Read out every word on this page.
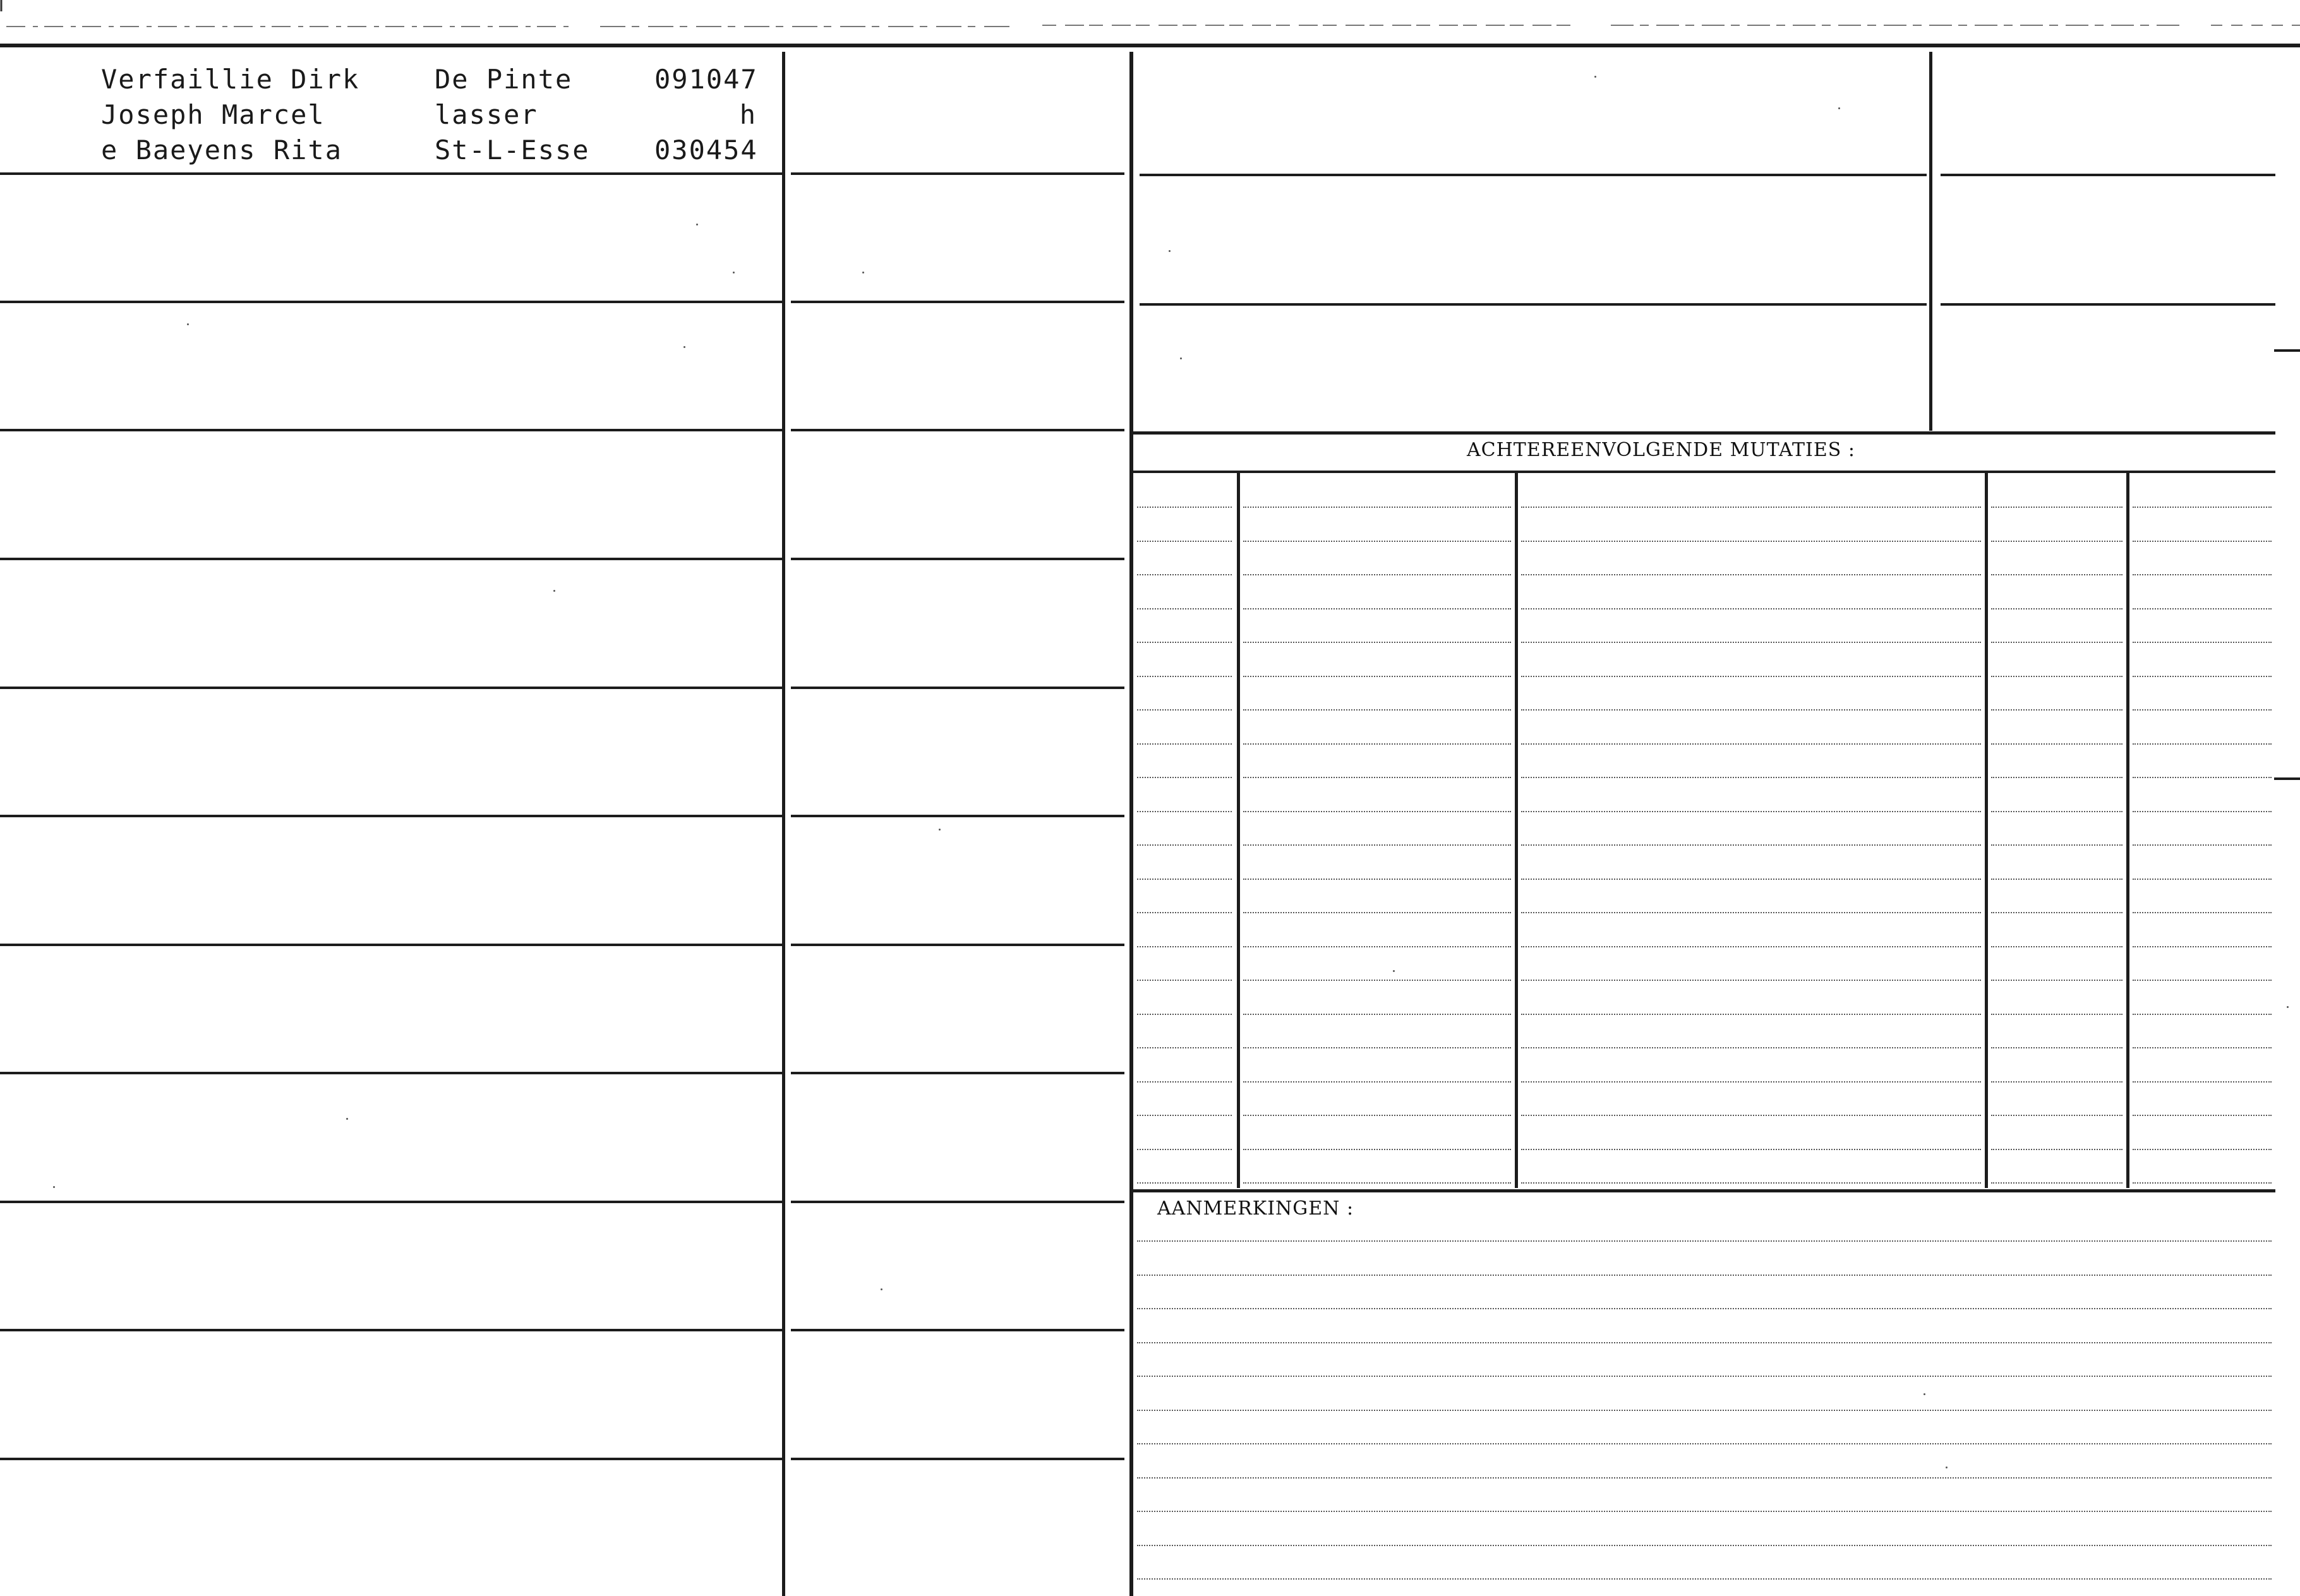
ACHTEREENVOLGENDE MUTATIES :
AANMERKINGEN :
Verfaillie Dirk
Joseph Marcel
e Baeyens Rita
De Pinte
lasser
St-L-Esse
091047
h
030454
